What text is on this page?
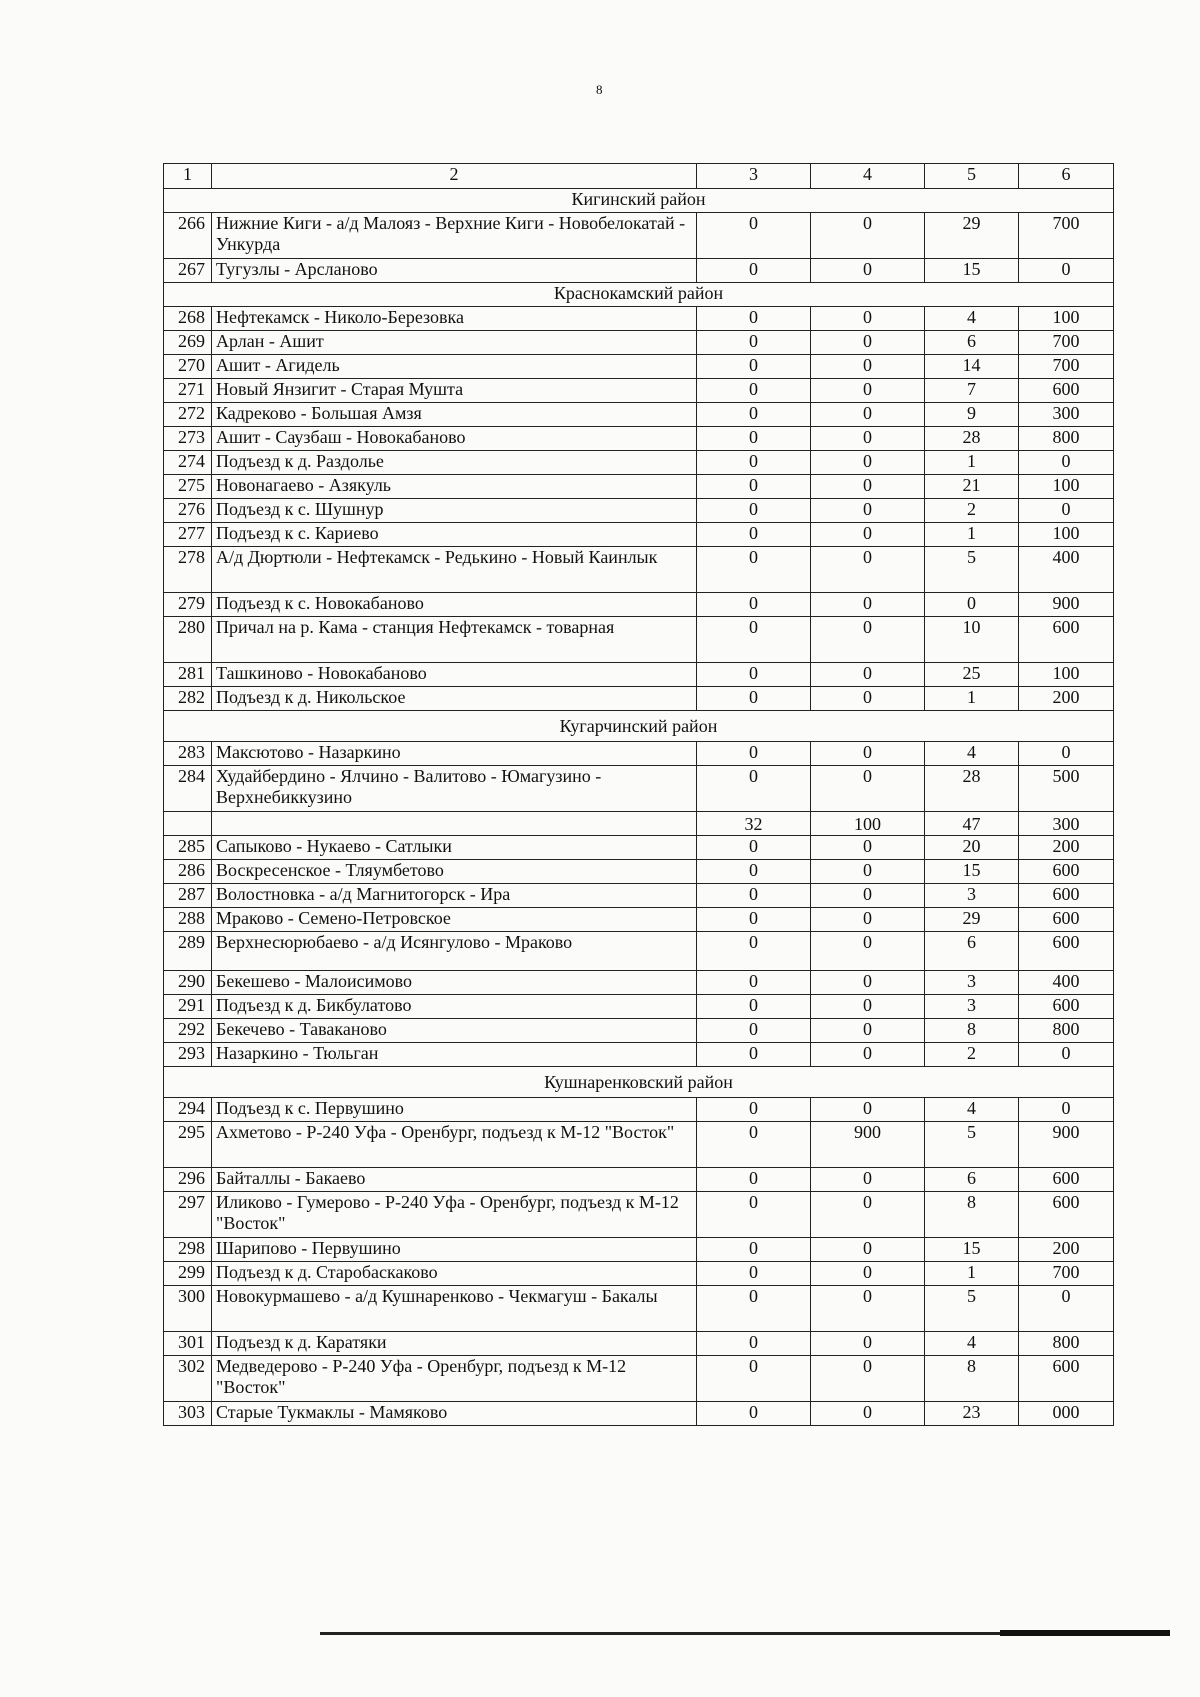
8
1	2	3	4	5	6
Кигинский район					
266	Нижние Киги - а/д Малояз - Верхние Киги - Новобелокатай - Ункурда	0	0	29	700
267	Тугузлы - Арсланово	0	0	15	0
Краснокамский район					
268	Нефтекамск - Николо-Березовка	0	0	4	100
269	Арлан - Ашит	0	0	6	700
270	Ашит - Агидель	0	0	14	700
271	Новый Янзигит - Старая Мушта	0	0	7	600
272	Кадреково - Большая Амзя	0	0	9	300
273	Ашит - Саузбаш - Новокабаново	0	0	28	800
274	Подъезд к д. Раздолье	0	0	1	0
275	Новонагаево - Азякуль	0	0	21	100
276	Подъезд к с. Шушнур	0	0	2	0
277	Подъезд к с. Кариево	0	0	1	100
278	А/д Дюртюли - Нефтекамск - Редькино - Новый Каинлык	0	0	5	400
279	Подъезд к с. Новокабаново	0	0	0	900
280	Причал на р. Кама - станция Нефтекамск - товарная	0	0	10	600
281	Ташкиново - Новокабаново	0	0	25	100
282	Подъезд к д. Никольское	0	0	1	200
Кугарчинский район					
283	Максютово - Назаркино	0	0	4	0
284	Худайбердино - Ялчино - Валитово - Юмагузино - Верхнебиккузино	0	0	28	500
		32	100	47	300
285	Сапыково - Нукаево - Сатлыки	0	0	20	200
286	Воскресенское - Тляумбетово	0	0	15	600
287	Волостновка - а/д Магнитогорск - Ира	0	0	3	600
288	Мраково - Семено-Петровское	0	0	29	600
289	Верхнесюрюбаево - а/д Исянгулово - Мраково	0	0	6	600
290	Бекешево - Малоисимово	0	0	3	400
291	Подъезд к д. Бикбулатово	0	0	3	600
292	Бекечево - Таваканово	0	0	8	800
293	Назаркино - Тюльган	0	0	2	0
Кушнаренковский район					
294	Подъезд к с. Первушино	0	0	4	0
295	Ахметово - Р-240 Уфа - Оренбург, подъезд к М-12 "Восток"	0	900	5	900
296	Байталлы - Бакаево	0	0	6	600
297	Иликово - Гумерово - Р-240 Уфа - Оренбург, подъезд к М-12 "Восток"	0	0	8	600
298	Шарипово - Первушино	0	0	15	200
299	Подъезд к д. Старобаскаково	0	0	1	700
300	Новокурмашево - а/д Кушнаренково - Чекмагуш - Бакалы	0	0	5	0
301	Подъезд к д. Каратяки	0	0	4	800
302	Медведерово - Р-240 Уфа - Оренбург, подъезд к М-12 "Восток"	0	0	8	600
303	Старые Тукмаклы - Мамяково	0	0	23	000
